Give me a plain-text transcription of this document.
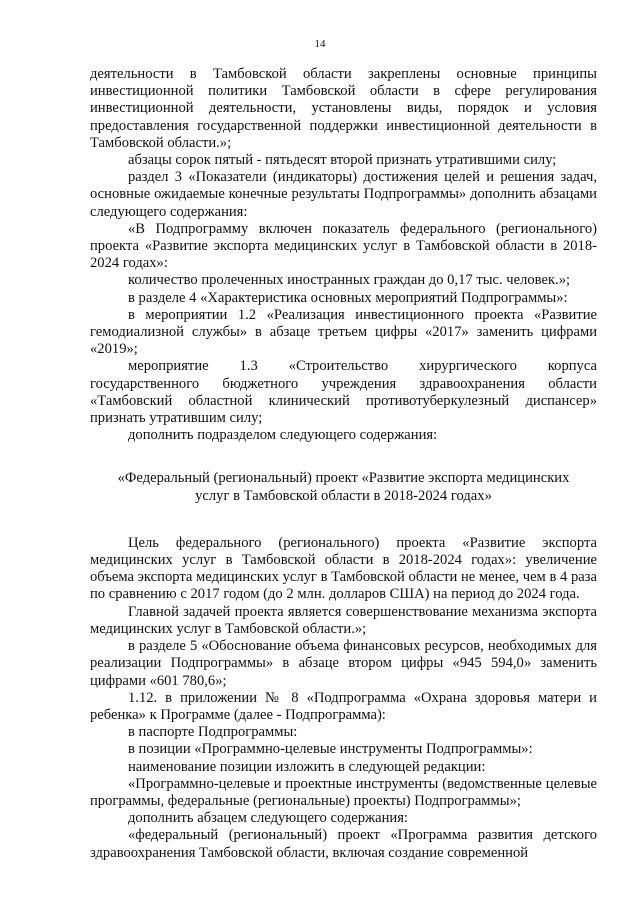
14

деятельности в Тамбовской области закреплены основные принципы инвестиционной политики Тамбовской области в сфере регулирования инвестиционной деятельности, установлены виды, порядок и условия предоставления государственной поддержки инвестиционной деятельности в Тамбовской области.»;

абзацы сорок пятый - пятьдесят второй признать утратившими силу;

раздел 3 «Показатели (индикаторы) достижения целей и решения задач, основные ожидаемые конечные результаты Подпрограммы» дополнить абзацами следующего содержания:

«В Подпрограмму включен показатель федерального (регионального) проекта «Развитие экспорта медицинских услуг в Тамбовской области в 2018-2024 годах»:

количество пролеченных иностранных граждан до 0,17 тыс. человек.»;

в разделе 4 «Характеристика основных мероприятий Подпрограммы»:

в мероприятии 1.2 «Реализация инвестиционного проекта «Развитие гемодиализной службы» в абзаце третьем цифры «2017» заменить цифрами «2019»;

мероприятие 1.3 «Строительство хирургического корпуса государственного бюджетного учреждения здравоохранения области «Тамбовский областной клинический противотуберкулезный диспансер» признать утратившим силу;

дополнить подразделом следующего содержания:

«Федеральный (региональный) проект «Развитие экспорта медицинских услуг в Тамбовской области в 2018-2024 годах»

Цель федерального (регионального) проекта «Развитие экспорта медицинских услуг в Тамбовской области в 2018-2024 годах»: увеличение объема экспорта медицинских услуг в Тамбовской области не менее, чем в 4 раза по сравнению с 2017 годом (до 2 млн. долларов США) на период до 2024 года.

Главной задачей проекта является совершенствование механизма экспорта медицинских услуг в Тамбовской области.»;

в разделе 5 «Обоснование объема финансовых ресурсов, необходимых для реализации Подпрограммы» в абзаце втором цифры «945 594,0» заменить цифрами «601 780,6»;

1.12. в приложении № 8 «Подпрограмма «Охрана здоровья матери и ребенка» к Программе (далее - Подпрограмма):

в паспорте Подпрограммы:

в позиции «Программно-целевые инструменты Подпрограммы»:

наименование позиции изложить в следующей редакции:

«Программно-целевые и проектные инструменты (ведомственные целевые программы, федеральные (региональные) проекты) Подпрограммы»;

дополнить абзацем следующего содержания:

«федеральный (региональный) проект «Программа развития детского здравоохранения Тамбовской области, включая создание современной
